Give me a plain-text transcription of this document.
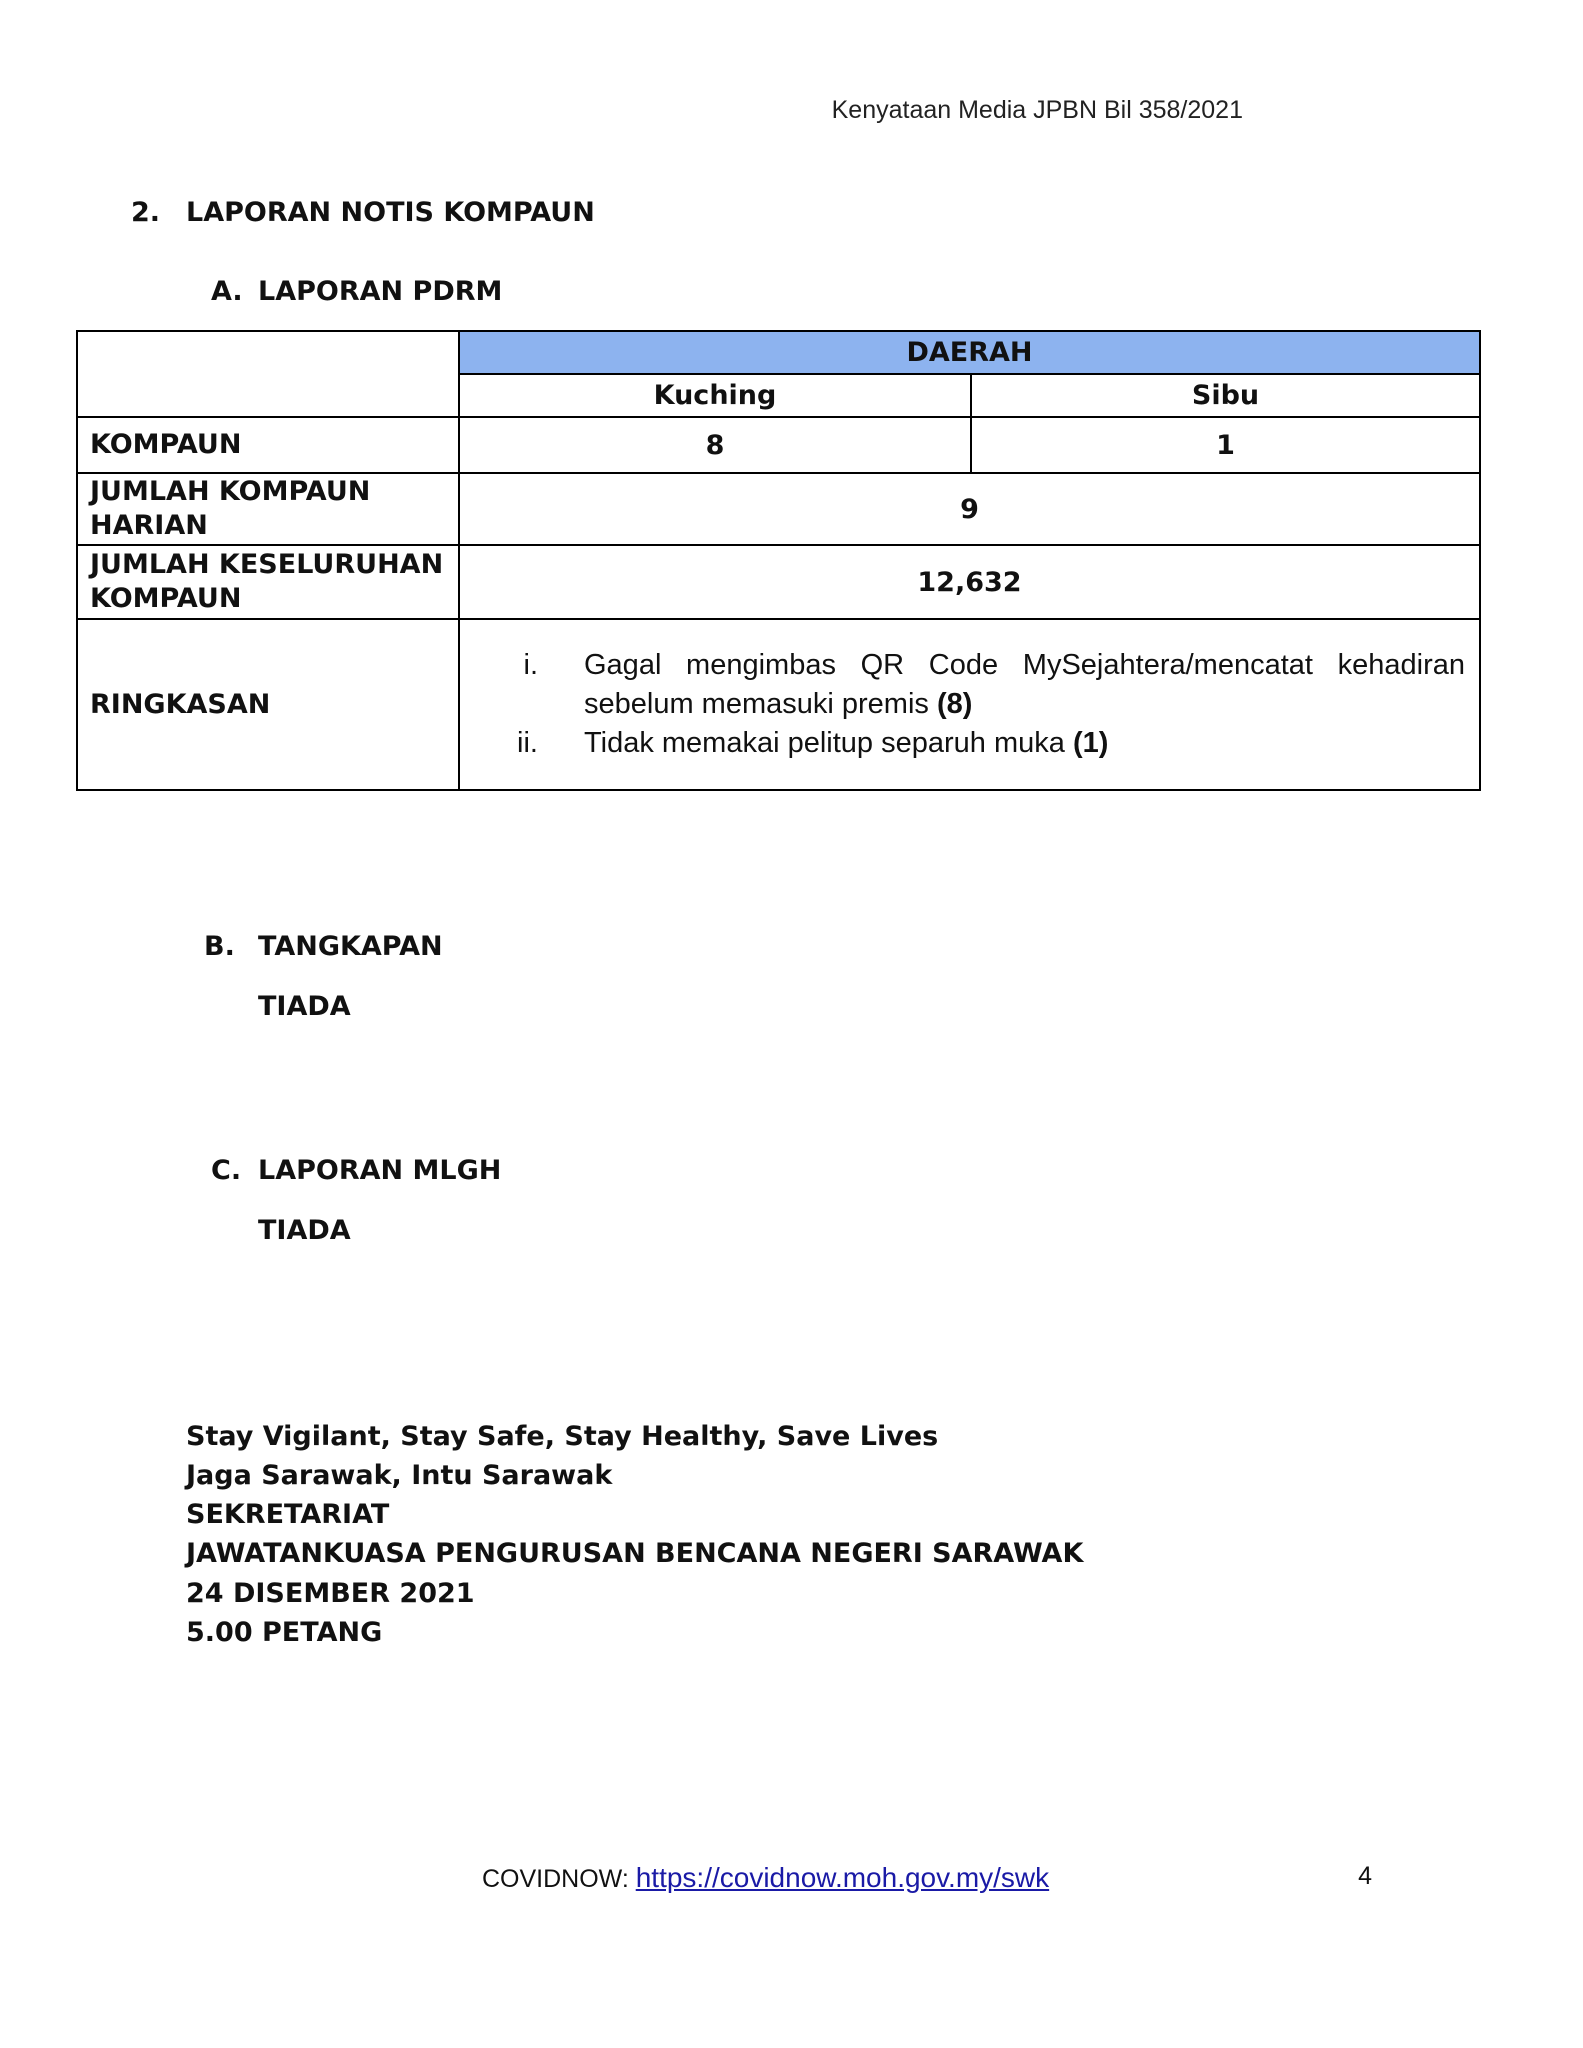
Kenyataan Media JPBN Bil 358/2021
2. LAPORAN NOTIS KOMPAUN
A. LAPORAN PDRM
	DAERAH	
	Kuching	Sibu
KOMPAUN	8	1

JUMLAH KOMPAUN
HARIAN	9	

JUMLAH KESELURUHAN
KOMPAUN	12,632	
RINGKASAN	i. Gagal mengimbas QR Code MySejahtera/mencatat kehadiran sebelum memasuki premis (8)
ii. Tidak memakai pelitup separuh muka (1)	
B. TANGKAPAN
TIADA
C. LAPORAN MLGH
TIADA
Stay Vigilant, Stay Safe, Stay Healthy, Save Lives
Jaga Sarawak, Intu Sarawak
SEKRETARIAT
JAWATANKUASA PENGURUSAN BENCANA NEGERI SARAWAK
24 DISEMBER 2021
5.00 PETANG
COVIDNOW: https://covidnow.moh.gov.my/swk	4
